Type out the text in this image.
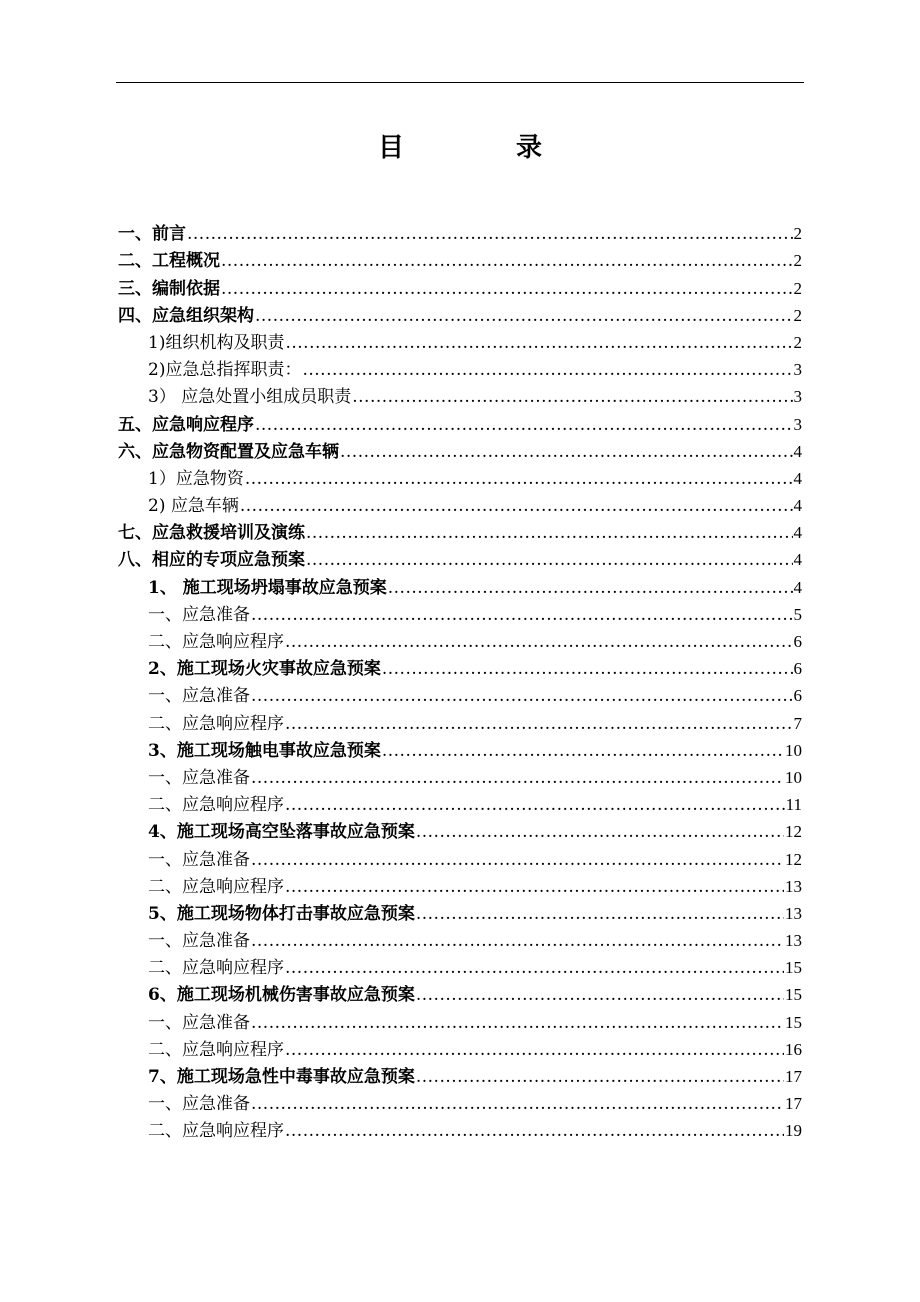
目	录
一、前言 .....	2
二、工程概况 .....	2
三、编制依据 .....	2
四、应急组织架构 .....	2
1)组织机构及职责 .....	2
2)应急总指挥职责： .....	3
3） 应急处置小组成员职责 .....	3
五、应急响应程序 .....	3
六、应急物资配置及应急车辆 .....	4
1）应急物资 .....	4
2) 应急车辆 .....	4
七、应急救援培训及演练 .....	4
八、相应的专项应急预案 .....	4
1、 施工现场坍塌事故应急预案 .....	4
一、应急准备 .....	5
二、应急响应程序 .....	6
2、施工现场火灾事故应急预案 .....	6
一、应急准备 .....	6
二、应急响应程序 .....	7
3、施工现场触电事故应急预案 .....	10
一、应急准备 .....	10
二、应急响应程序 .....	11
4、施工现场高空坠落事故应急预案 .....	12
一、应急准备 .....	12
二、应急响应程序 .....	13
5、施工现场物体打击事故应急预案 .....	13
一、应急准备 .....	13
二、应急响应程序 .....	15
6、施工现场机械伤害事故应急预案 .....	15
一、应急准备 .....	15
二、应急响应程序 .....	16
7、施工现场急性中毒事故应急预案 .....	17
一、应急准备 .....	17
二、应急响应程序 .....	19
